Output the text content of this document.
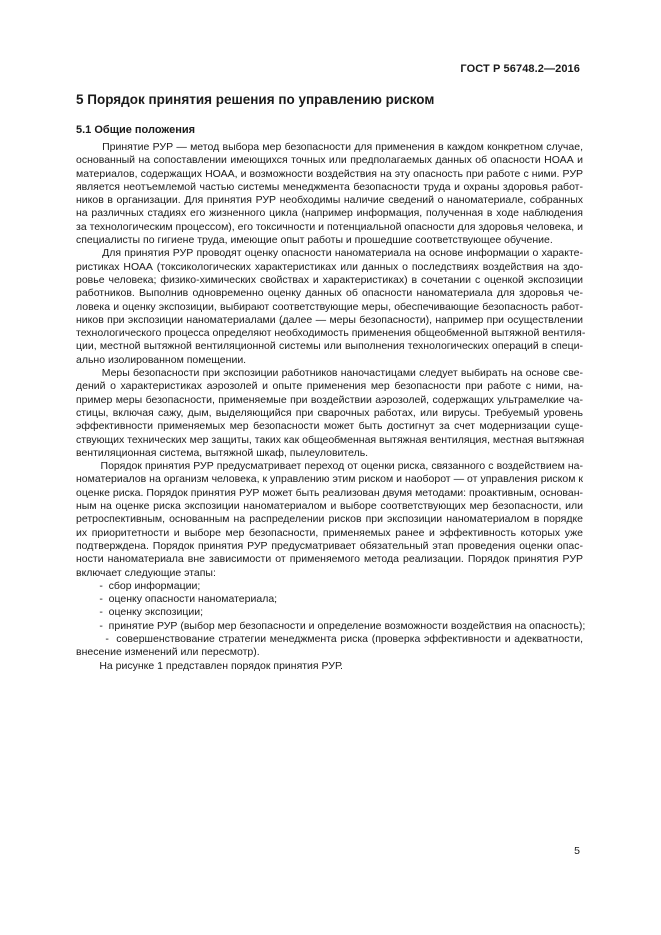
ГОСТ Р 56748.2—2016
5 Порядок принятия решения по управлению риском
5.1 Общие положения
Принятие РУР — метод выбора мер безопасности для применения в каждом конкретном случае,
основанный на сопоставлении имеющихся точных или предполагаемых данных об опасности НОАА и
материалов, содержащих НОАА, и возможности воздействия на эту опасность при работе с ними. РУР
является неотъемлемой частью системы менеджмента безопасности труда и охраны здоровья работ-
ников в организации. Для принятия РУР необходимы наличие сведений о наноматериале, собранных
на различных стадиях его жизненного цикла (например информация, полученная в ходе наблюдения
за технологическим процессом), его токсичности и потенциальной опасности для здоровья человека, и
специалисты по гигиене труда, имеющие опыт работы и прошедшие соответствующее обучение.
Для принятия РУР проводят оценку опасности наноматериала на основе информации о характе-
ристиках НОАА (токсикологических характеристиках или данных о последствиях воздействия на здо-
ровье человека; физико-химических свойствах и характеристиках) в сочетании с оценкой экспозиции
работников. Выполнив одновременно оценку данных об опасности наноматериала для здоровья че-
ловека и оценку экспозиции, выбирают соответствующие меры, обеспечивающие безопасность работ-
ников при экспозиции наноматериалами (далее — меры безопасности), например при осуществлении
технологического процесса определяют необходимость применения общеобменной вытяжной вентиля-
ции, местной вытяжной вентиляционной системы или выполнения технологических операций в специ-
ально изолированном помещении.
Меры безопасности при экспозиции работников наночастицами следует выбирать на основе све-
дений о характеристиках аэрозолей и опыте применения мер безопасности при работе с ними, на-
пример меры безопасности, применяемые при воздействии аэрозолей, содержащих ультрамелкие ча-
стицы, включая сажу, дым, выделяющийся при сварочных работах, или вирусы. Требуемый уровень
эффективности применяемых мер безопасности может быть достигнут за счет модернизации суще-
ствующих технических мер защиты, таких как общеобменная вытяжная вентиляция, местная вытяжная
вентиляционная система, вытяжной шкаф, пылеуловитель.
Порядок принятия РУР предусматривает переход от оценки риска, связанного с воздействием на-
номатериалов на организм человека, к управлению этим риском и наоборот — от управления риском к
оценке риска. Порядок принятия РУР может быть реализован двумя методами: проактивным, основан-
ным на оценке риска экспозиции наноматериалом и выборе соответствующих мер безопасности, или
ретроспективным, основанным на распределении рисков при экспозиции наноматериалом в порядке
их приоритетности и выборе мер безопасности, применяемых ранее и эффективность которых уже
подтверждена. Порядок принятия РУР предусматривает обязательный этап проведения оценки опас-
ности наноматериала вне зависимости от применяемого метода реализации. Порядок принятия РУР
включает следующие этапы:
-  сбор информации;
-  оценку опасности наноматериала;
-  оценку экспозиции;
-  принятие РУР (выбор мер безопасности и определение возможности воздействия на опасность);
-  совершенствование стратегии менеджмента риска (проверка эффективности и адекватности,
внесение изменений или пересмотр).
На рисунке 1 представлен порядок принятия РУР.
5
